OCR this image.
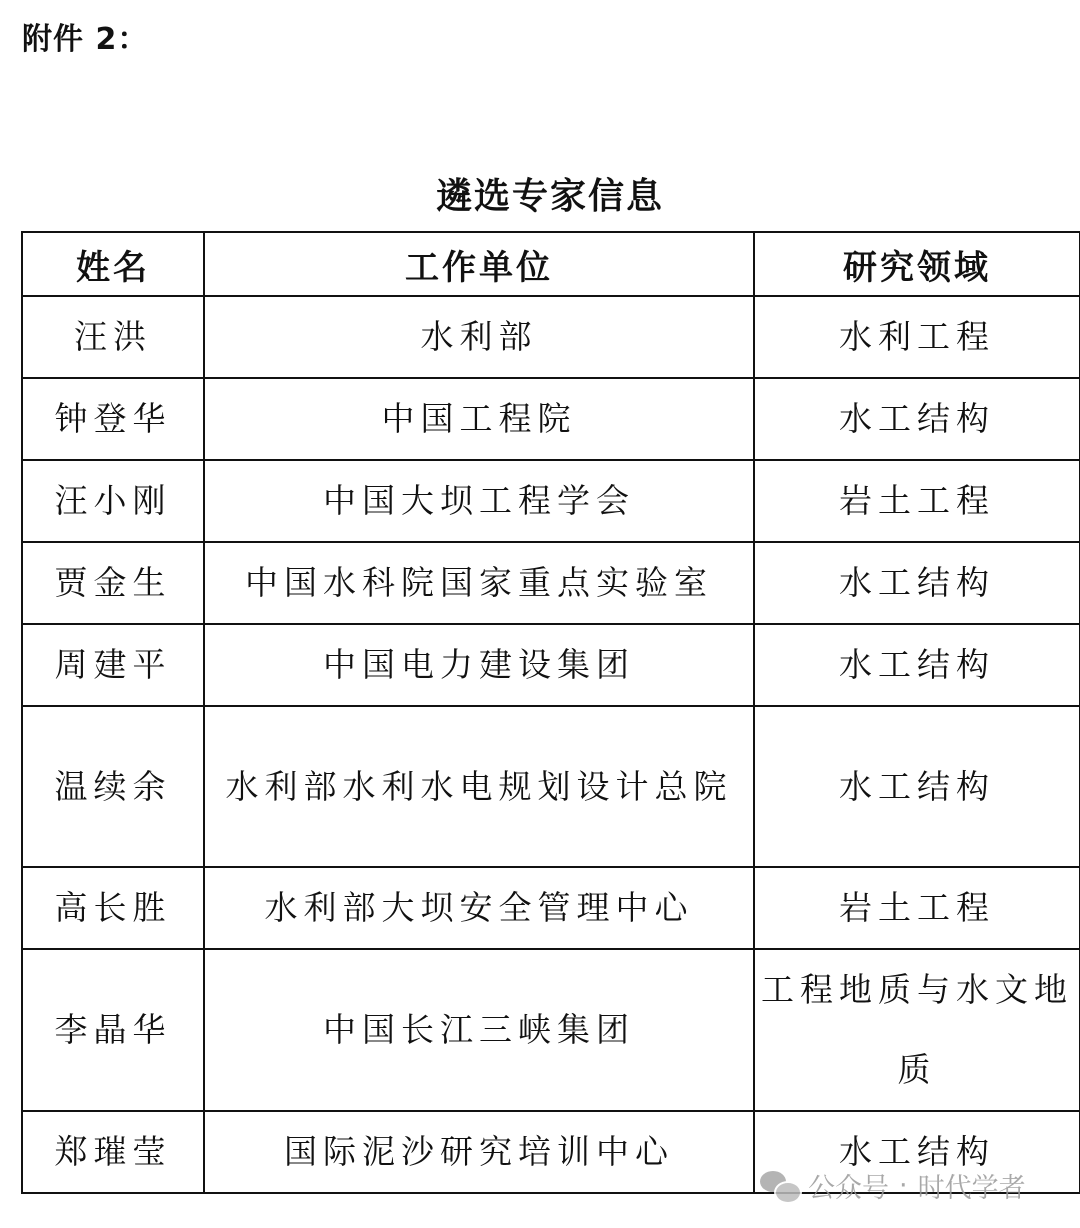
附件 2：
遴选专家信息
姓名	工作单位	研究领域
汪洪	水利部	水利工程
钟登华	中国工程院	水工结构
汪小刚	中国大坝工程学会	岩土工程
贾金生	中国水科院国家重点实验室	水工结构
周建平	中国电力建设集团	水工结构
温续余	水利部水利水电规划设计总院	水工结构
高长胜	水利部大坝安全管理中心	岩土工程
李晶华	中国长江三峡集团	工程地质与水文地质
郑璀莹	国际泥沙研究培训中心	水工结构
公众号 · 时代学者
